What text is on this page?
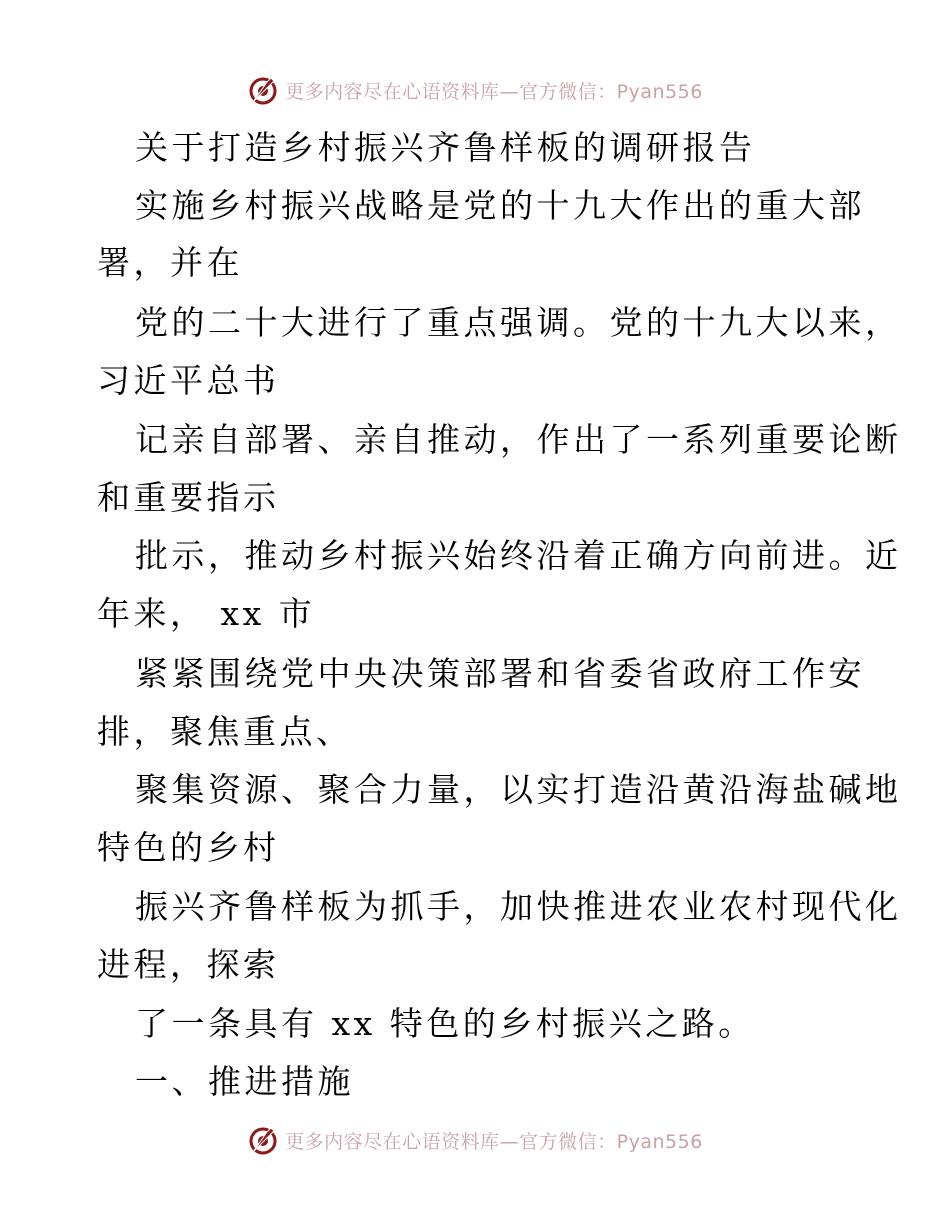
更多内容尽在心语资料库—官方微信：Pyan556
关于打造乡村振兴齐鲁样板的调研报告
实施乡村振兴战略是党的十九大作出的重大部
署，并在
党的二十大进行了重点强调。党的十九大以来，
习近平总书
记亲自部署、亲自推动，作出了一系列重要论断
和重要指示
批示，推动乡村振兴始终沿着正确方向前进。近
年来， xx 市
紧紧围绕党中央决策部署和省委省政府工作安
排，聚焦重点、
聚集资源、聚合力量，以实打造沿黄沿海盐碱地
特色的乡村
振兴齐鲁样板为抓手，加快推进农业农村现代化
进程，探索
了一条具有 xx 特色的乡村振兴之路。
一、推进措施
更多内容尽在心语资料库—官方微信：Pyan556
